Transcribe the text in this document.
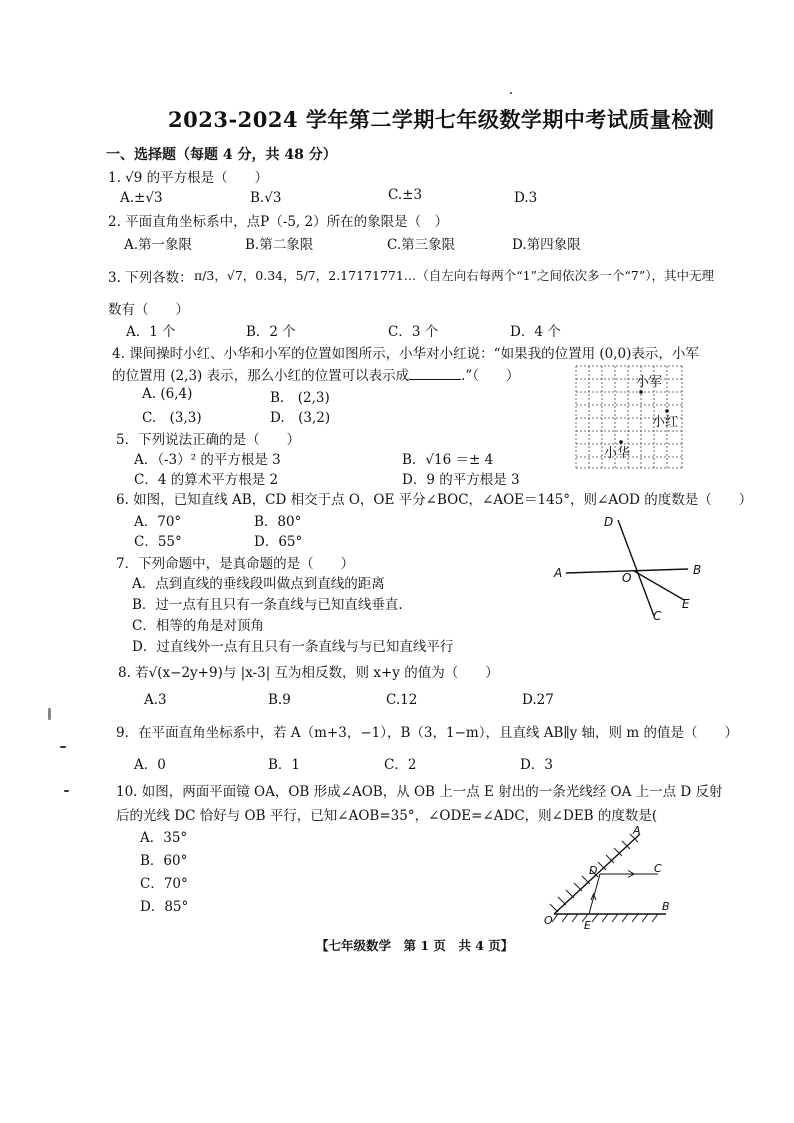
2023-2024 学年第二学期七年级数学期中考试质量检测
一、选择题（每题 4 分，共 48 分）
1. √9 的平方根是（　　）
A.±√3	B.√3	C.±3	D.3
2. 平面直角坐标系中，点P（-5, 2）所在的象限是（　）
A.第一象限	B.第二象限	C.第三象限	D.第四象限
3. 下列各数： π/3，√7，0.34，5/7，2.17171771…（自左向右每两个“1”之间依次多一个“7”），其中无理
数有（　　）
A．1 个	B．2 个	C．3 个	D．4 个
4. 课间操时小红、小华和小军的位置如图所示，小华对小红说：“如果我的位置用 (0,0)表示，小军
的位置用 (2,3) 表示，那么小红的位置可以表示成	.”（　　）
A. (6,4)	B.　(2,3)
C.　(3,3)	D.　(3,2)
小军
小红
小华
5．下列说法正确的是（　　）
A．（-3）² 的平方根是 3	B．√16 ＝± 4
C．4 的算术平方根是 2	D．9 的平方根是 3
6. 如图，已知直线 AB，CD 相交于点 O，OE 平分∠BOC，∠AOE＝145°，则∠AOD 的度数是（　　）
A．70°	B．80°
C．55°	D．65°
A	B
C
D
E
O
7．下列命题中，是真命题的是（　　）
A．点到直线的垂线段叫做点到直线的距离
B．过一点有且只有一条直线与已知直线垂直.
C．相等的角是对顶角
D．过直线外一点有且只有一条直线与与已知直线平行
8. 若√(x−2y+9)与 |x-3| 互为相反数，则 x+y 的值为（　　）
A.3	B.9	C.12	D.27
9．在平面直角坐标系中，若 A（m+3，−1），B（3，1−m），且直线 AB∥y 轴，则 m 的值是（　　）
A．0	B．1	C．2	D．3
10. 如图，两面平面镜 OA，OB 形成∠AOB，从 OB 上一点 E 射出的一条光线经 OA 上一点 D 反射
后的光线 DC 恰好与 OB 平行，已知∠AOB=35°，∠ODE=∠ADC，则∠DEB 的度数是(
A．35°
B．60°
C．70°
D．85°
A
B
C
D
E
O
【七年级数学　第 1 页　共 4 页】
